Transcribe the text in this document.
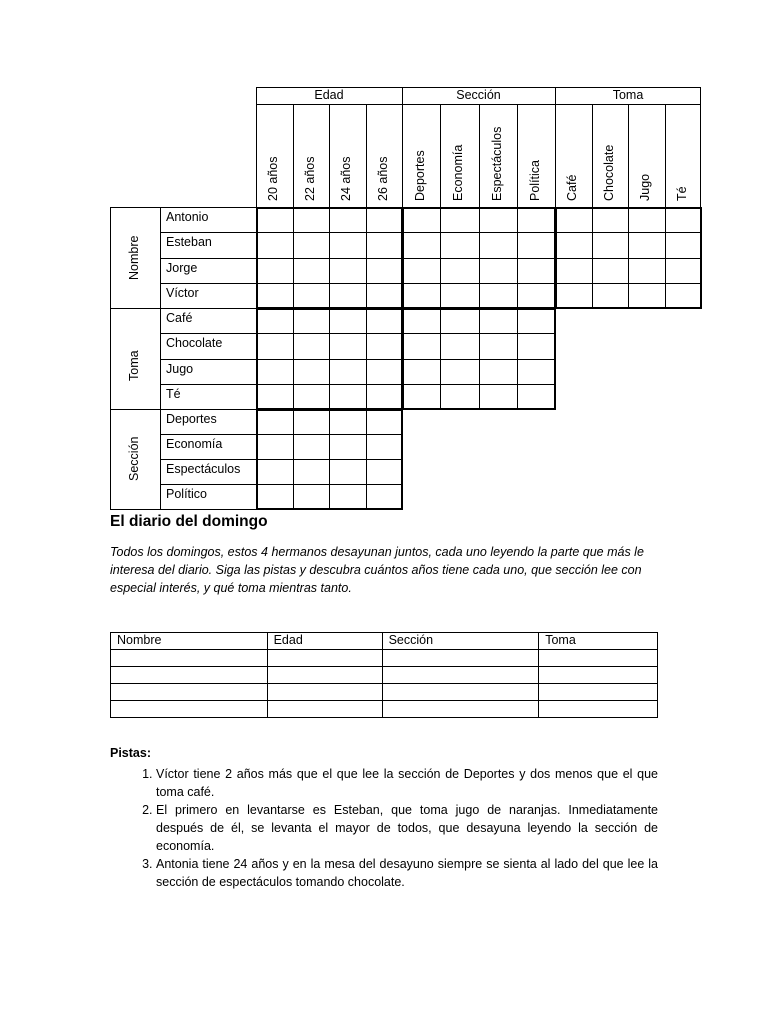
Edad
20 años 22 años 24 años 26 años
Sección
Deportes Economía Espectáculos Política
Toma
Café Chocolate Jugo Té
Nombre
Antonio
Esteban
Jorge
Víctor
Toma
Café
Chocolate
Jugo
Té
Sección
Deportes
Economía
Espectáculos
Político
El diario del domingo
Todos los domingos, estos 4 hermanos desayunan juntos, cada uno leyendo la parte que más le interesa del diario. Siga las pistas y descubra cuántos años tiene cada uno, que sección lee con especial interés, y qué toma mientras tanto.
Nombre	Edad	Sección	Toma

Pistas:
1. Víctor tiene 2 años más que el que lee la sección de Deportes y dos menos que el que toma café.
2. El primero en levantarse es Esteban, que toma jugo de naranjas. Inmediatamente después de él, se levanta el mayor de todos, que desayuna leyendo la sección de economía.
3. Antonia tiene 24 años y en la mesa del desayuno siempre se sienta al lado del que lee la sección de espectáculos tomando chocolate.
